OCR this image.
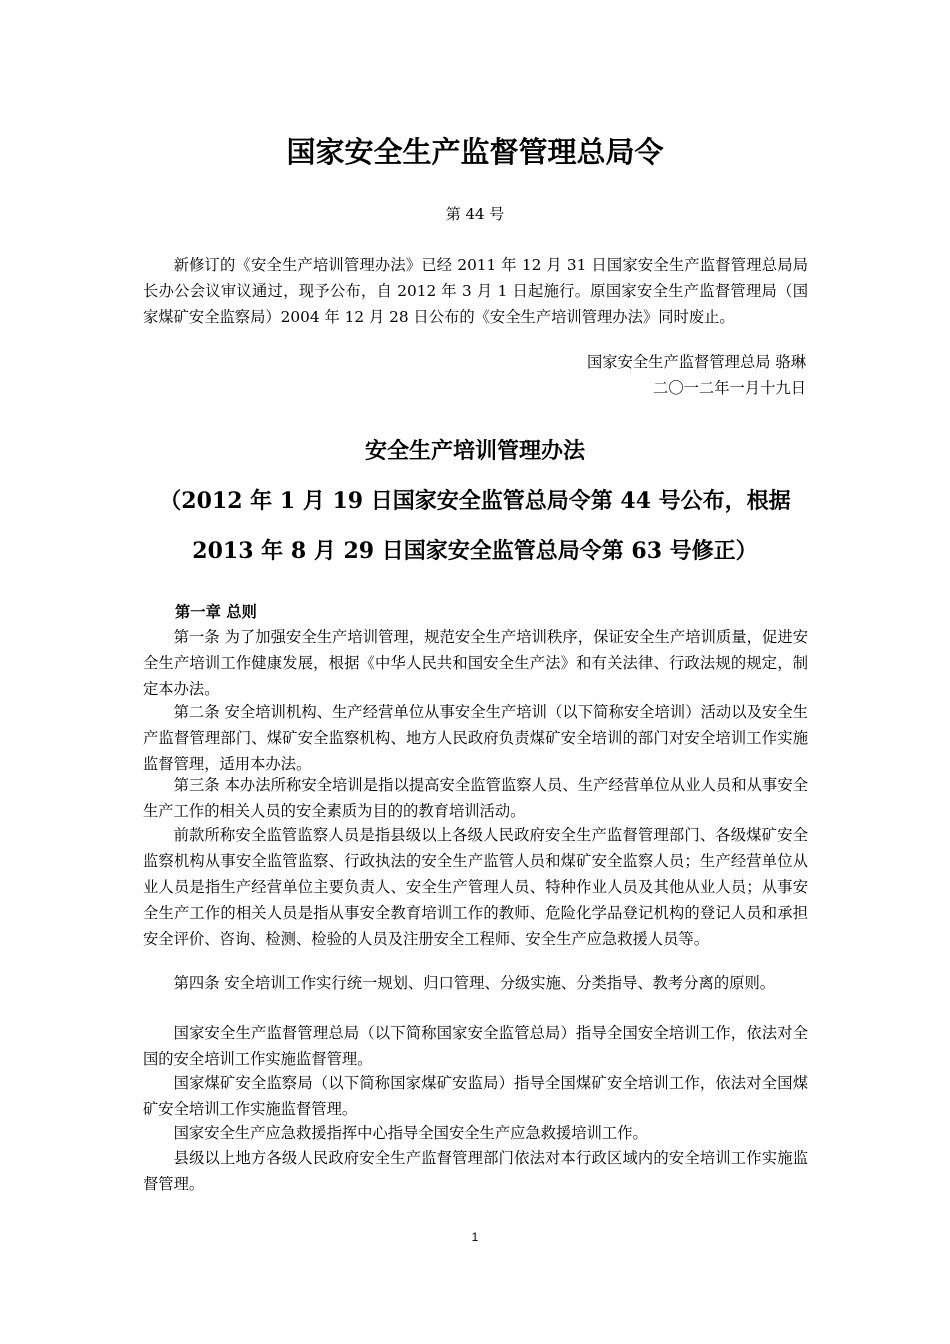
国家安全生产监督管理总局令
第 44 号

新修订的《安全生产培训管理办法》已经 2011 年 12 月 31 日国家安全生产监督管理总局局长办公会议审议通过，现予公布，自 2012 年 3 月 1 日起施行。原国家安全生产监督管理局（国家煤矿安全监察局）2004 年 12 月 28 日公布的《安全生产培训管理办法》同时废止。

国家安全生产监督管理总局 骆琳
二〇一二年一月十九日
安全生产培训管理办法
（2012 年 1 月 19 日国家安全监管总局令第 44 号公布，根据
2013 年 8 月 29 日国家安全监管总局令第 63 号修正）
第一章 总则

第一条 为了加强安全生产培训管理，规范安全生产培训秩序，保证安全生产培训质量，促进安全生产培训工作健康发展，根据《中华人民共和国安全生产法》和有关法律、行政法规的规定，制定本办法。

第二条 安全培训机构、生产经营单位从事安全生产培训（以下简称安全培训）活动以及安全生产监督管理部门、煤矿安全监察机构、地方人民政府负责煤矿安全培训的部门对安全培训工作实施监督管理，适用本办法。

第三条 本办法所称安全培训是指以提高安全监管监察人员、生产经营单位从业人员和从事安全生产工作的相关人员的安全素质为目的的教育培训活动。

前款所称安全监管监察人员是指县级以上各级人民政府安全生产监督管理部门、各级煤矿安全监察机构从事安全监管监察、行政执法的安全生产监管人员和煤矿安全监察人员；生产经营单位从业人员是指生产经营单位主要负责人、安全生产管理人员、特种作业人员及其他从业人员；从事安全生产工作的相关人员是指从事安全教育培训工作的教师、危险化学品登记机构的登记人员和承担安全评价、咨询、检测、检验的人员及注册安全工程师、安全生产应急救援人员等。

第四条 安全培训工作实行统一规划、归口管理、分级实施、分类指导、教考分离的原则。

国家安全生产监督管理总局（以下简称国家安全监管总局）指导全国安全培训工作，依法对全国的安全培训工作实施监督管理。

国家煤矿安全监察局（以下简称国家煤矿安监局）指导全国煤矿安全培训工作，依法对全国煤矿安全培训工作实施监督管理。

国家安全生产应急救援指挥中心指导全国安全生产应急救援培训工作。

县级以上地方各级人民政府安全生产监督管理部门依法对本行政区域内的安全培训工作实施监督管理。

1
